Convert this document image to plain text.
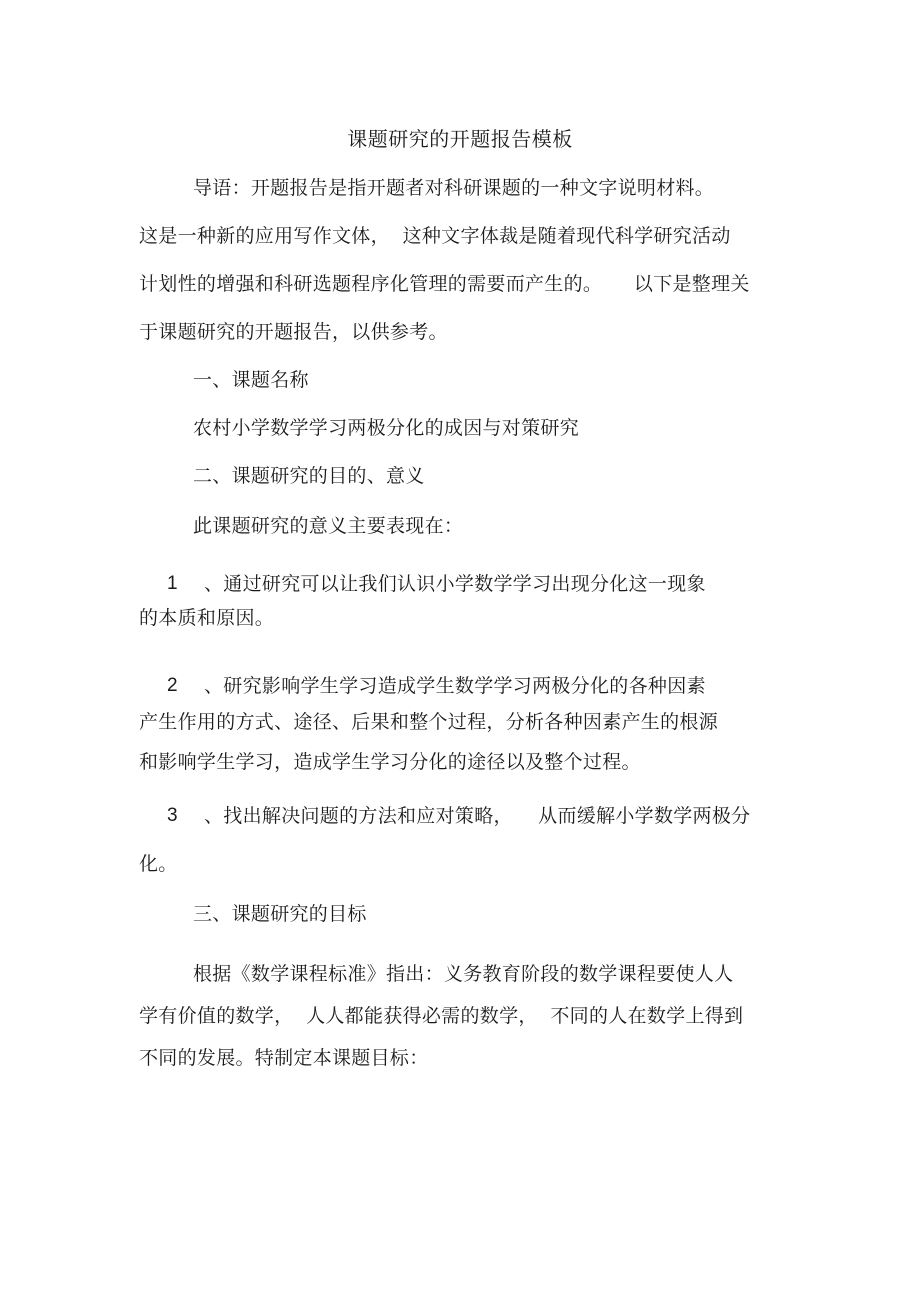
课题研究的开题报告模板
导语：开题报告是指开题者对科研课题的一种文字说明材料。
这是一种新的应用写作文体，  这种文字体裁是随着现代科学研究活动
计划性的增强和科研选题程序化管理的需要而产生的。     以下是整理关
于课题研究的开题报告，以供参考。
一、课题名称
农村小学数学学习两极分化的成因与对策研究
二、课题研究的目的、意义
此课题研究的意义主要表现在：
1 、通过研究可以让我们认识小学数学学习出现分化这一现象
的本质和原因。
2 、研究影响学生学习造成学生数学学习两极分化的各种因素
产生作用的方式、途径、后果和整个过程，分析各种因素产生的根源
和影响学生学习，造成学生学习分化的途径以及整个过程。
3 、找出解决问题的方法和应对策略，    从而缓解小学数学两极分
化。
三、课题研究的目标
根据《数学课程标准》指出：义务教育阶段的数学课程要使人人
学有价值的数学，  人人都能获得必需的数学，  不同的人在数学上得到
不同的发展。特制定本课题目标：
